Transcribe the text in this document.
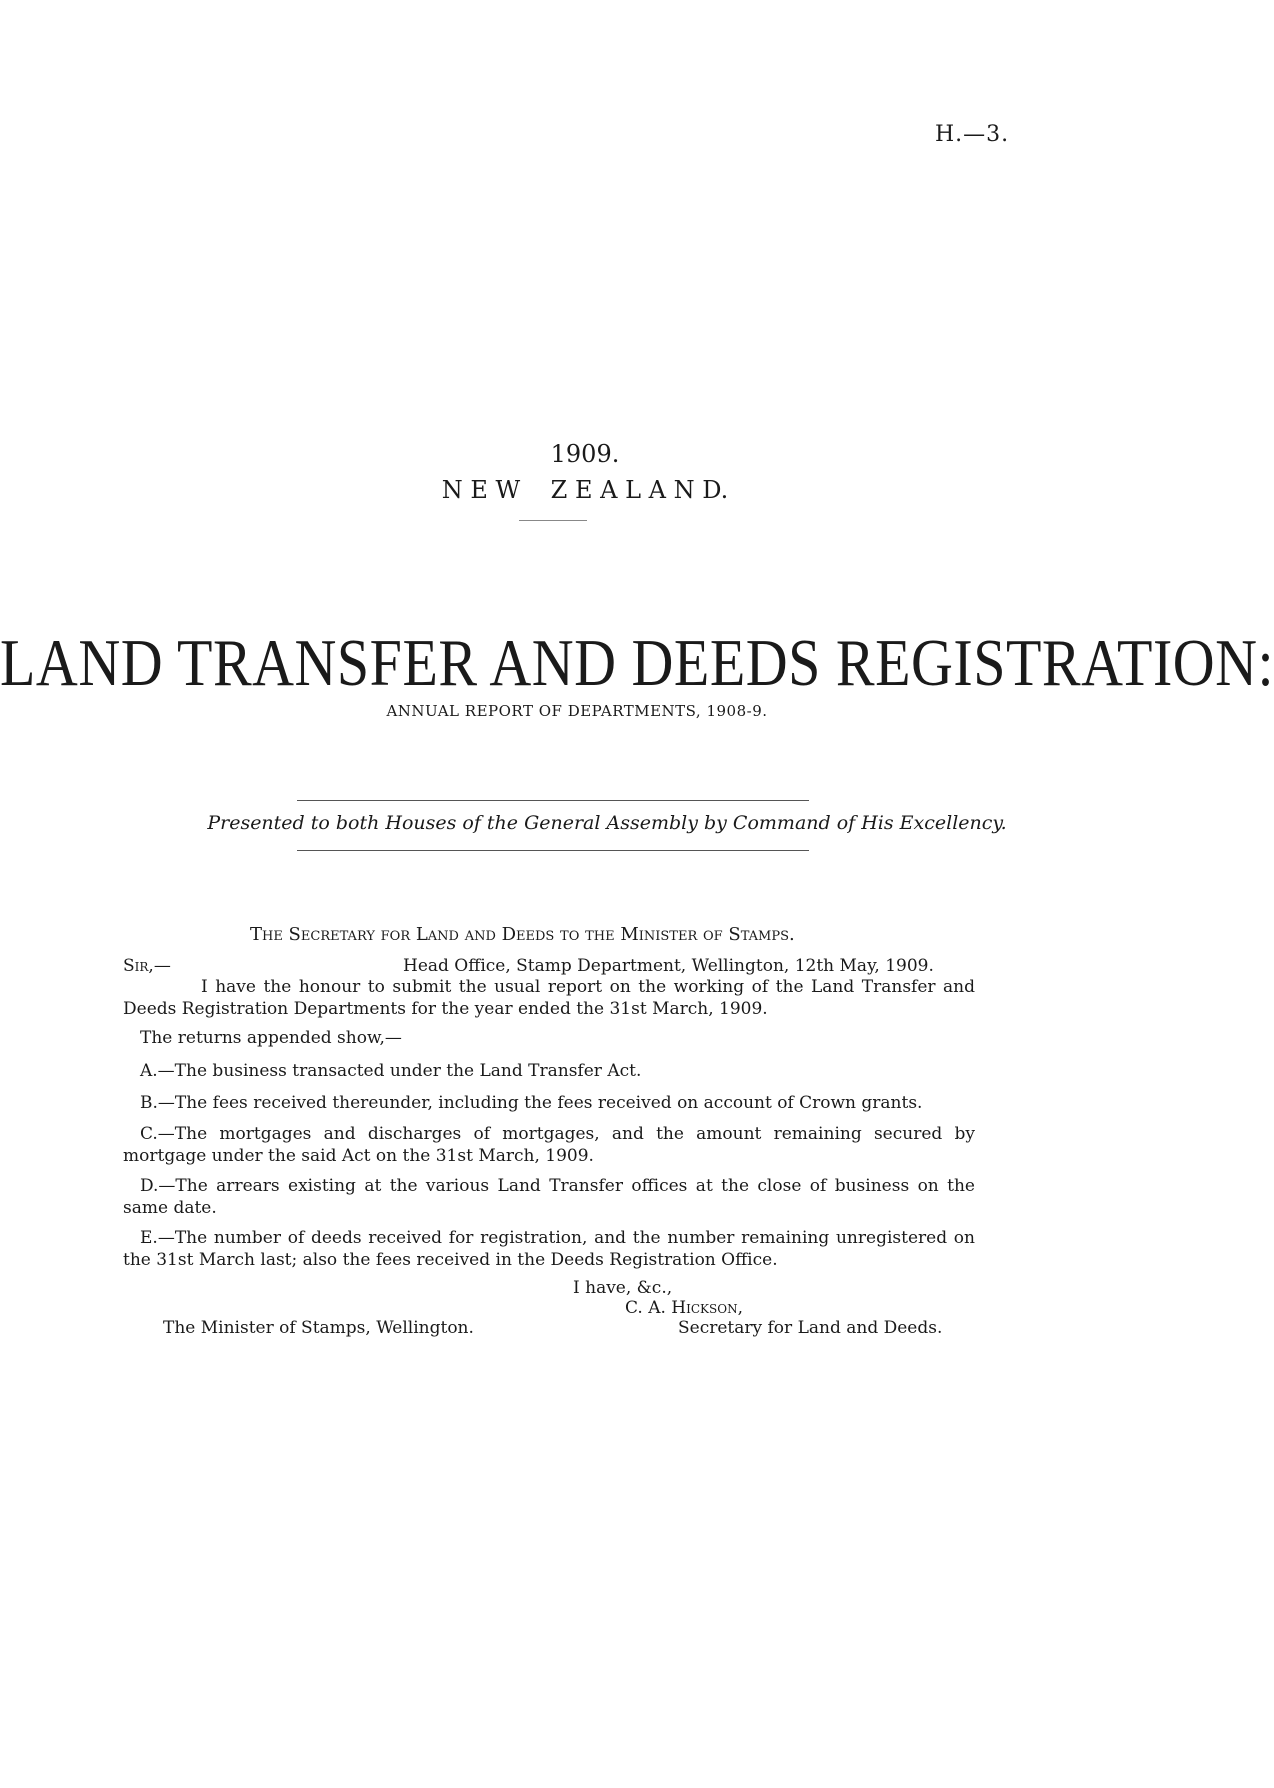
H.—3.
1909.
N E W    Z E A L A N D.
LAND TRANSFER AND DEEDS REGISTRATION:
ANNUAL REPORT OF DEPARTMENTS, 1908-9.
Presented to both Houses of the General Assembly by Command of His Excellency.
The Secretary for Land and Deeds to the Minister of Stamps.
Sir,—	Head Office, Stamp Department, Wellington, 12th May, 1909.

I have the honour to submit the usual report on the working of the Land Transfer and Deeds Registration Departments for the year ended the 31st March, 1909.

The returns appended show,—

A.—The business transacted under the Land Transfer Act.

B.—The fees received thereunder, including the fees received on account of Crown grants.

C.—The mortgages and discharges of mortgages, and the amount remaining secured by mortgage under the said Act on the 31st March, 1909.

D.—The arrears existing at the various Land Transfer offices at the close of business on the same date.

E.—The number of deeds received for registration, and the number remaining unregistered on the 31st March last; also the fees received in the Deeds Registration Office.

I have, &c.,
C. A. Hickson,
The Minister of Stamps, Wellington.	Secretary for Land and Deeds.
